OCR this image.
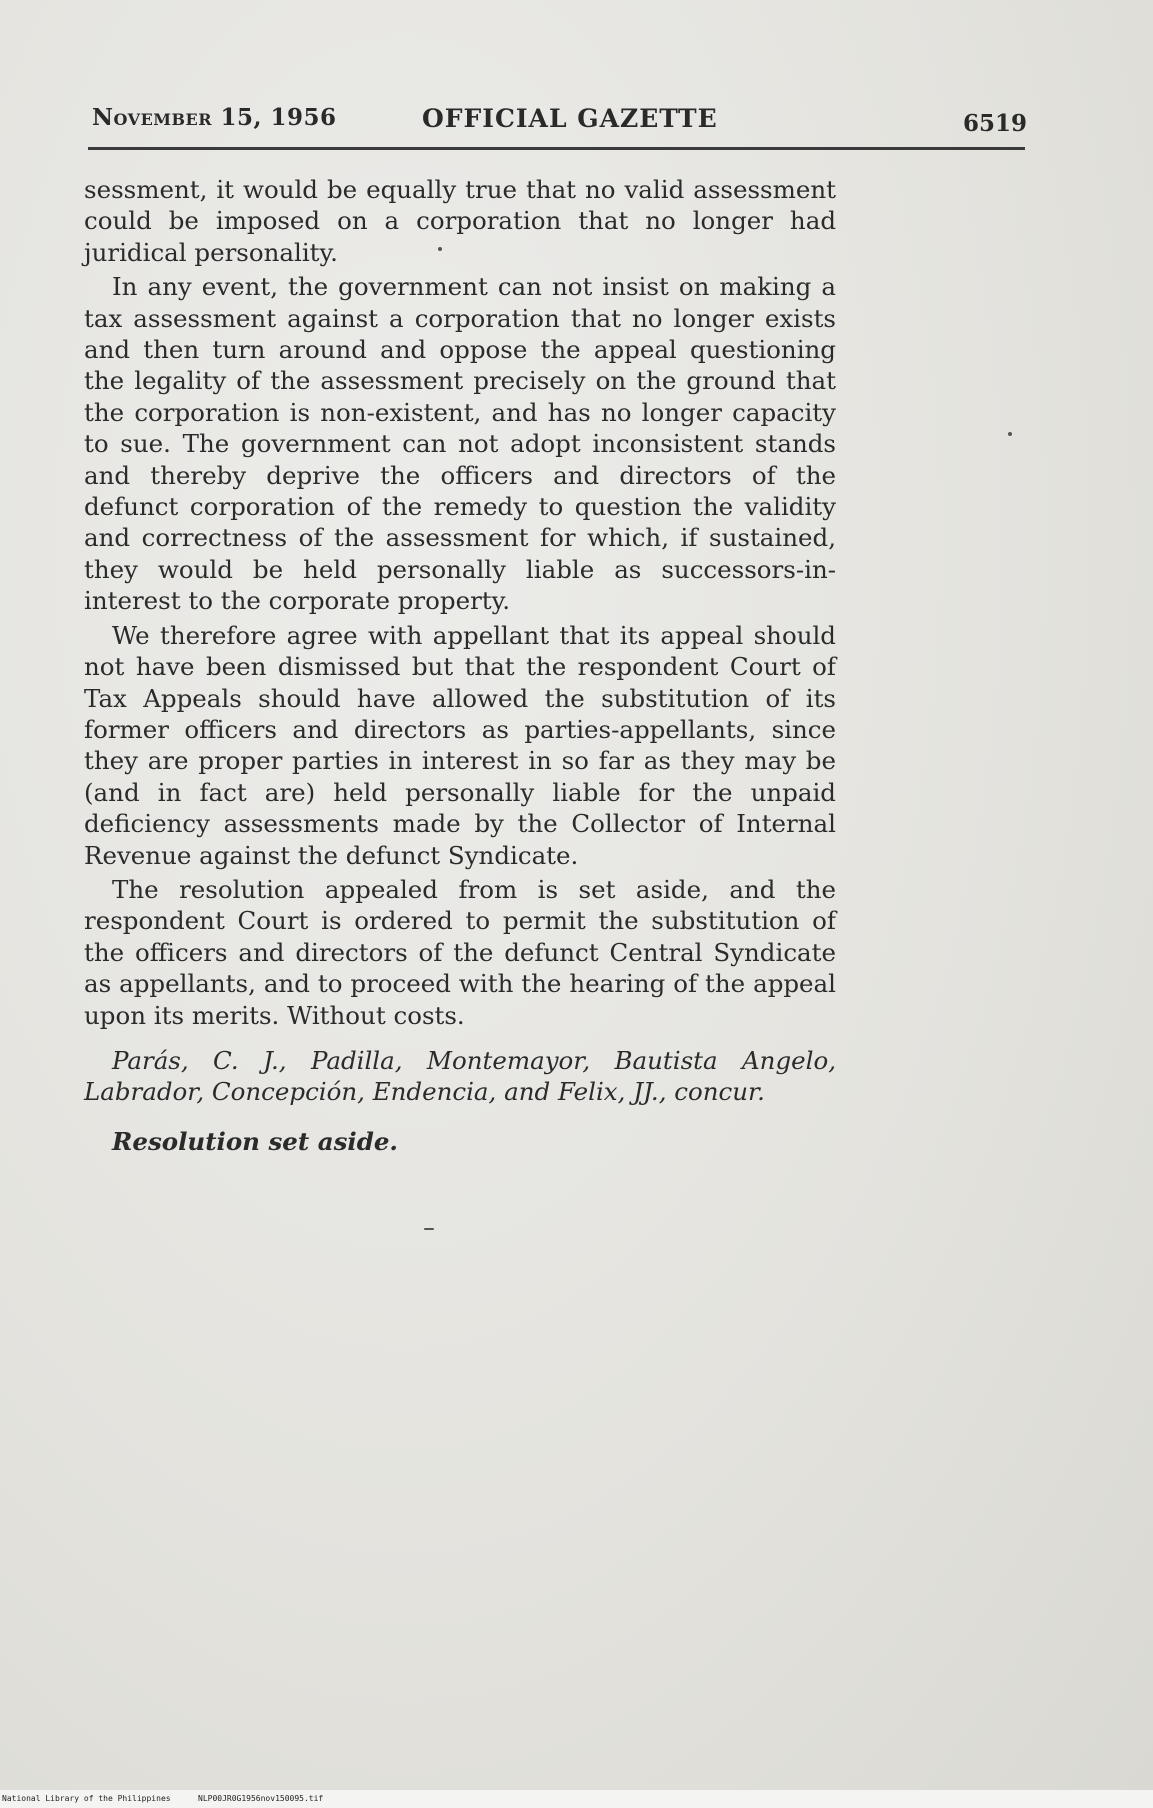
November 15, 1956	OFFICIAL GAZETTE	6519

sessment, it would be equally true that no valid assessment could be imposed on a corporation that no longer had juridical personality.

In any event, the government can not insist on making a tax assessment against a corporation that no longer exists and then turn around and oppose the appeal questioning the legality of the assessment precisely on the ground that the corporation is non-existent, and has no longer capacity to sue. The government can not adopt inconsistent stands and thereby deprive the officers and directors of the defunct corporation of the remedy to question the validity and correctness of the assessment for which, if sustained, they would be held personally liable as successors-in-interest to the corporate property.

We therefore agree with appellant that its appeal should not have been dismissed but that the respondent Court of Tax Appeals should have allowed the substitution of its former officers and directors as parties-appellants, since they are proper parties in interest in so far as they may be (and in fact are) held personally liable for the unpaid deficiency assessments made by the Collector of Internal Revenue against the defunct Syndicate.

The resolution appealed from is set aside, and the respondent Court is ordered to permit the substitution of the officers and directors of the defunct Central Syndicate as appellants, and to proceed with the hearing of the appeal upon its merits. Without costs.

Parás, C. J., Padilla, Montemayor, Bautista Angelo, Labrador, Concepción, Endencia, and Felix, JJ., concur.

Resolution set aside.

National Library of the Philippines	NLP00JR0G1956nov150095.tif
